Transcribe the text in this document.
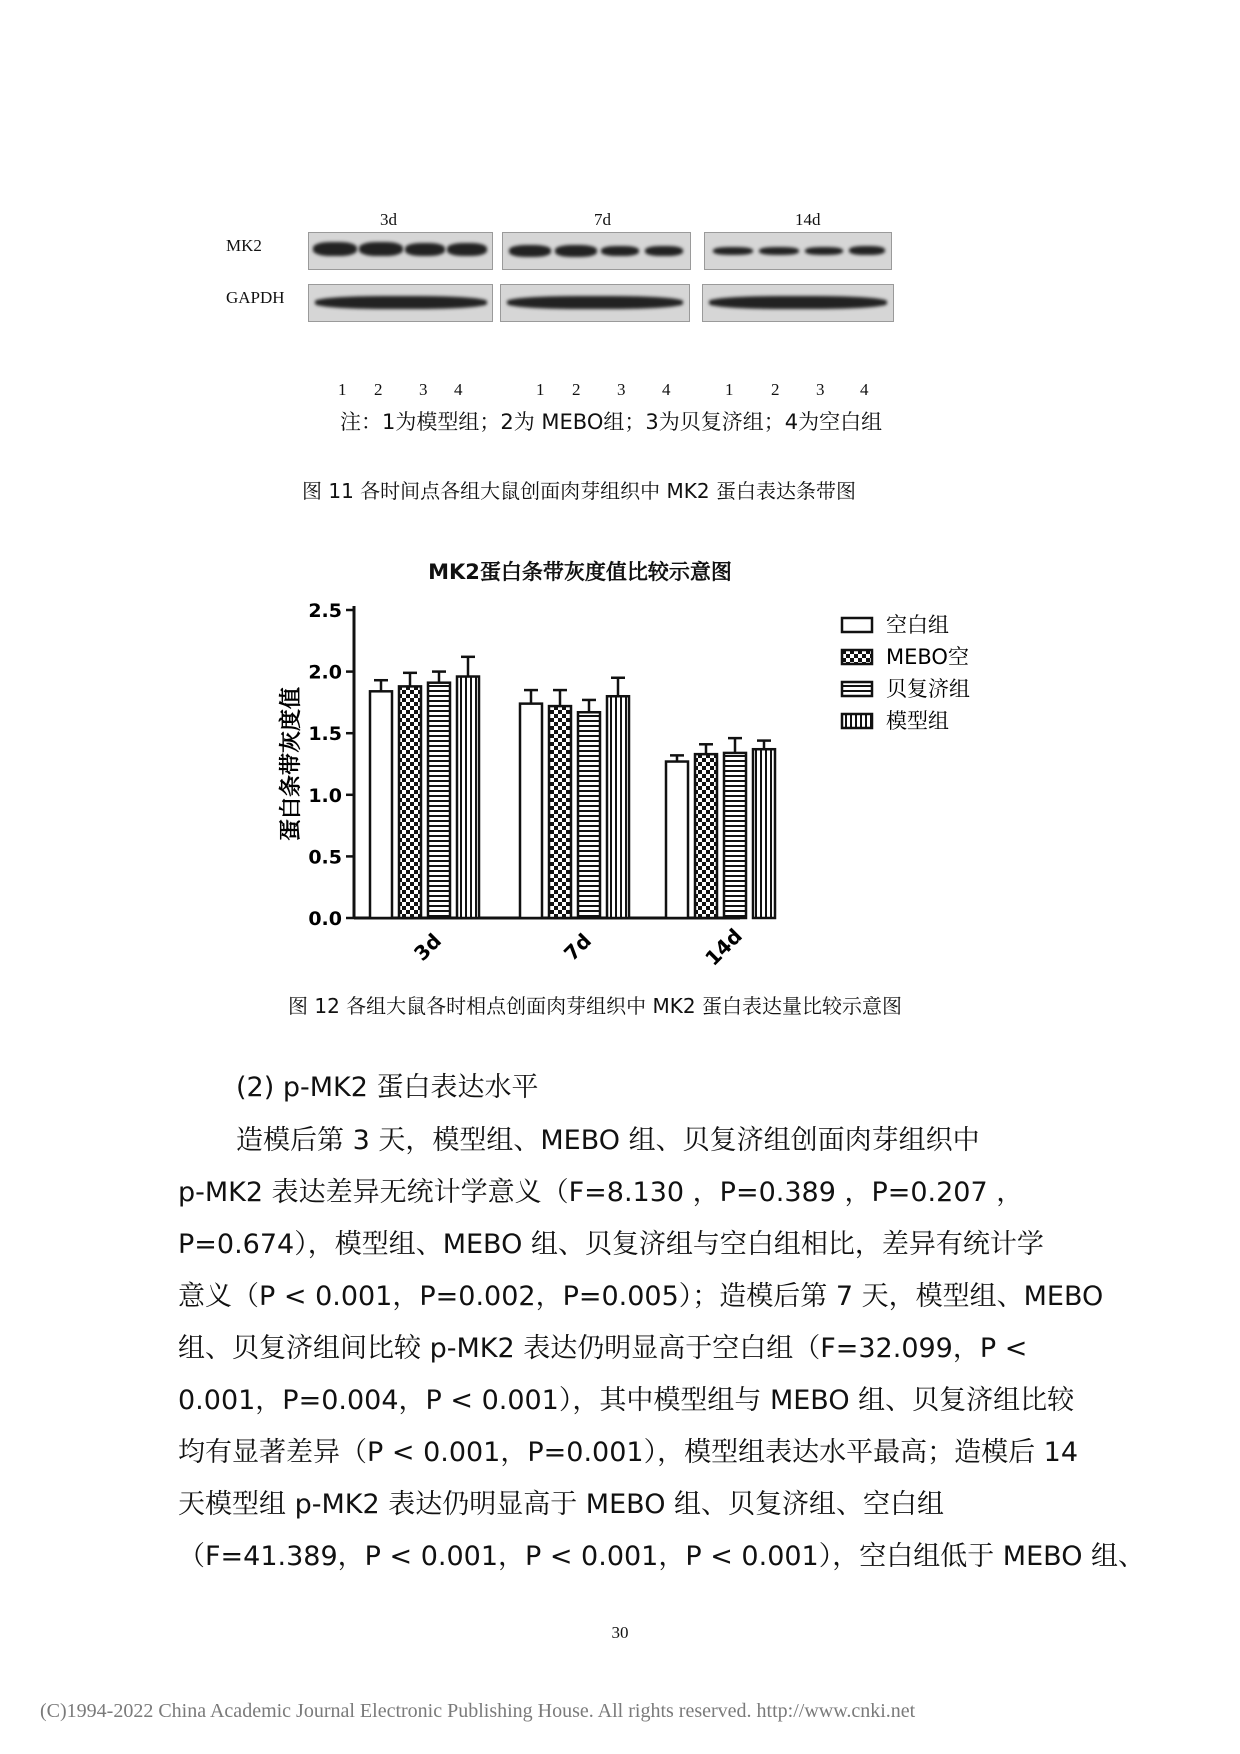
3d	7d	14d
MK2
GAPDH
1 2 3 4	1 2 3 4	1 2 3 4
注：1为模型组；2为 MEBO组；3为贝复济组；4为空白组
图 11 各时间点各组大鼠创面肉芽组织中 MK2 蛋白表达条带图
0.0
0.5
1.0
1.5
2.0
2.5
蛋白条带灰度值
3d	7d	14d
空白组
MEBO空
贝复济组
模型组
MK2蛋白条带灰度值比较示意图
图 12 各组大鼠各时相点创面肉芽组织中 MK2 蛋白表达量比较示意图
(2) p-MK2 蛋白表达水平
造模后第 3 天，模型组、MEBO 组、贝复济组创面肉芽组织中
p-MK2 表达差异无统计学意义（F=8.130 ，P=0.389 ，P=0.207 ，
P=0.674），模型组、MEBO 组、贝复济组与空白组相比，差异有统计学
意义（P < 0.001，P=0.002，P=0.005）；造模后第 7 天，模型组、MEBO
组、贝复济组间比较 p-MK2 表达仍明显高于空白组（F=32.099，P <
0.001，P=0.004，P < 0.001），其中模型组与 MEBO 组、贝复济组比较
均有显著差异（P < 0.001，P=0.001），模型组表达水平最高；造模后 14
天模型组 p-MK2 表达仍明显高于 MEBO 组、贝复济组、空白组
（F=41.389，P < 0.001，P < 0.001，P < 0.001），空白组低于 MEBO 组、
30
(C)1994-2022 China Academic Journal Electronic Publishing House. All rights reserved. http://www.cnki.net
